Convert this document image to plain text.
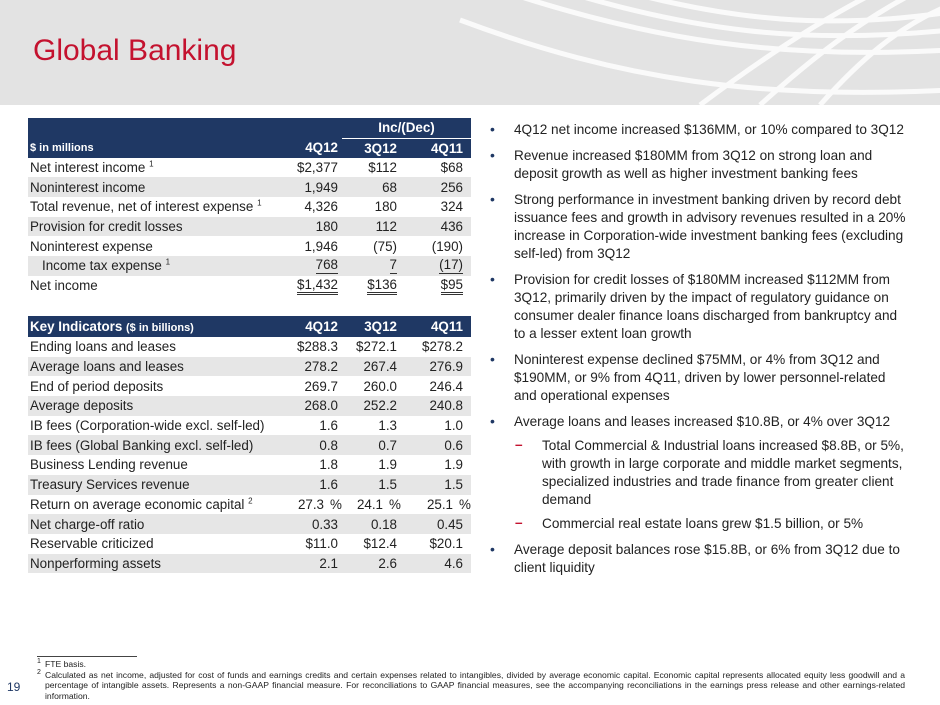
Global Banking
		Inc/(Dec)	
$ in millions	4Q12	3Q12	4Q11
Net interest income $^1$	$2,377	$112	$68
Noninterest income	1,949	68	256
Total revenue, net of interest expense $^1$	4,326	180	324
Provision for credit losses	180	112	436
Noninterest expense	1,946	(75)	(190)
Income tax expense $^1$	768	7	(17)
Net income	$1,432	$136	$95
Key Indicators ($ in billions)	4Q12	3Q12	4Q11
Ending loans and leases	$288.3	$272.1	$278.2
Average loans and leases	278.2	267.4	276.9
End of period deposits	269.7	260.0	246.4
Average deposits	268.0	252.2	240.8
IB fees (Corporation-wide excl. self-led)	1.6	1.3	1.0
IB fees (Global Banking excl. self-led)	0.8	0.7	0.6
Business Lending revenue	1.8	1.9	1.9
Treasury Services revenue	1.6	1.5	1.5
Return on average economic capital $^2$	27.3 %	24.1 %	25.1 %
Net charge-off ratio	0.33	0.18	0.45
Reservable criticized	$11.0	$12.4	$20.1
Nonperforming assets	2.1	2.6	4.6
• 4Q12 net income increased $136MM, or 10% compared to 3Q12
• Revenue increased $180MM from 3Q12 on strong loan and deposit growth as well as higher investment banking fees
• Strong performance in investment banking driven by record debt issuance fees and growth in advisory revenues resulted in a 20% increase in Corporation-wide investment banking fees (excluding self-led) from 3Q12
• Provision for credit losses of $180MM increased $112MM from 3Q12, primarily driven by the impact of regulatory guidance on consumer dealer finance loans discharged from bankruptcy and to a lesser extent loan growth
• Noninterest expense declined $75MM, or 4% from 3Q12 and $190MM, or 9% from 4Q11, driven by lower personnel-related and operational expenses
• Average loans and leases increased $10.8B, or 4% over 3Q12
– Total Commercial & Industrial loans increased $8.8B, or 5%, with growth in large corporate and middle market segments, specialized industries and trade finance from greater client demand
– Commercial real estate loans grew $1.5 billion, or 5%
• Average deposit balances rose $15.8B, or 6% from 3Q12 due to client liquidity
1 FTE basis.
2 Calculated as net income, adjusted for cost of funds and earnings credits and certain expenses related to intangibles, divided by average economic capital. Economic capital represents allocated equity less goodwill and a percentage of intangible assets. Represents a non-GAAP financial measure. For reconciliations to GAAP financial measures, see the accompanying reconciliations in the earnings press release and other earnings-related information.
19
